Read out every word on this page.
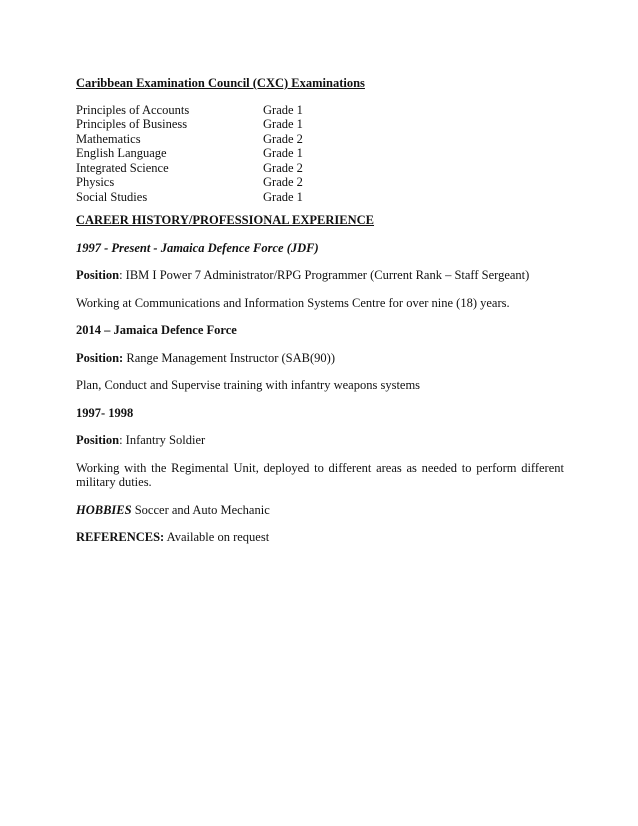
Caribbean Examination Council (CXC) Examinations
Principles of Accounts	Grade 1
Principles of Business	Grade 1
Mathematics	Grade 2
English Language	Grade 1
Integrated Science	Grade 2
Physics	Grade 2
Social Studies	Grade 1
CAREER HISTORY/PROFESSIONAL EXPERIENCE
1997 - Present - Jamaica Defence Force (JDF)
Position: IBM I Power 7 Administrator/RPG Programmer (Current Rank – Staff Sergeant)
Working at Communications and Information Systems Centre for over nine (18) years.
2014 – Jamaica Defence Force
Position: Range Management Instructor (SAB(90))
Plan, Conduct and Supervise training with infantry weapons systems
1997- 1998
Position: Infantry Soldier
Working with the Regimental Unit, deployed to different areas as needed to perform different military duties.
HOBBIES Soccer and Auto Mechanic
REFERENCES: Available on request
